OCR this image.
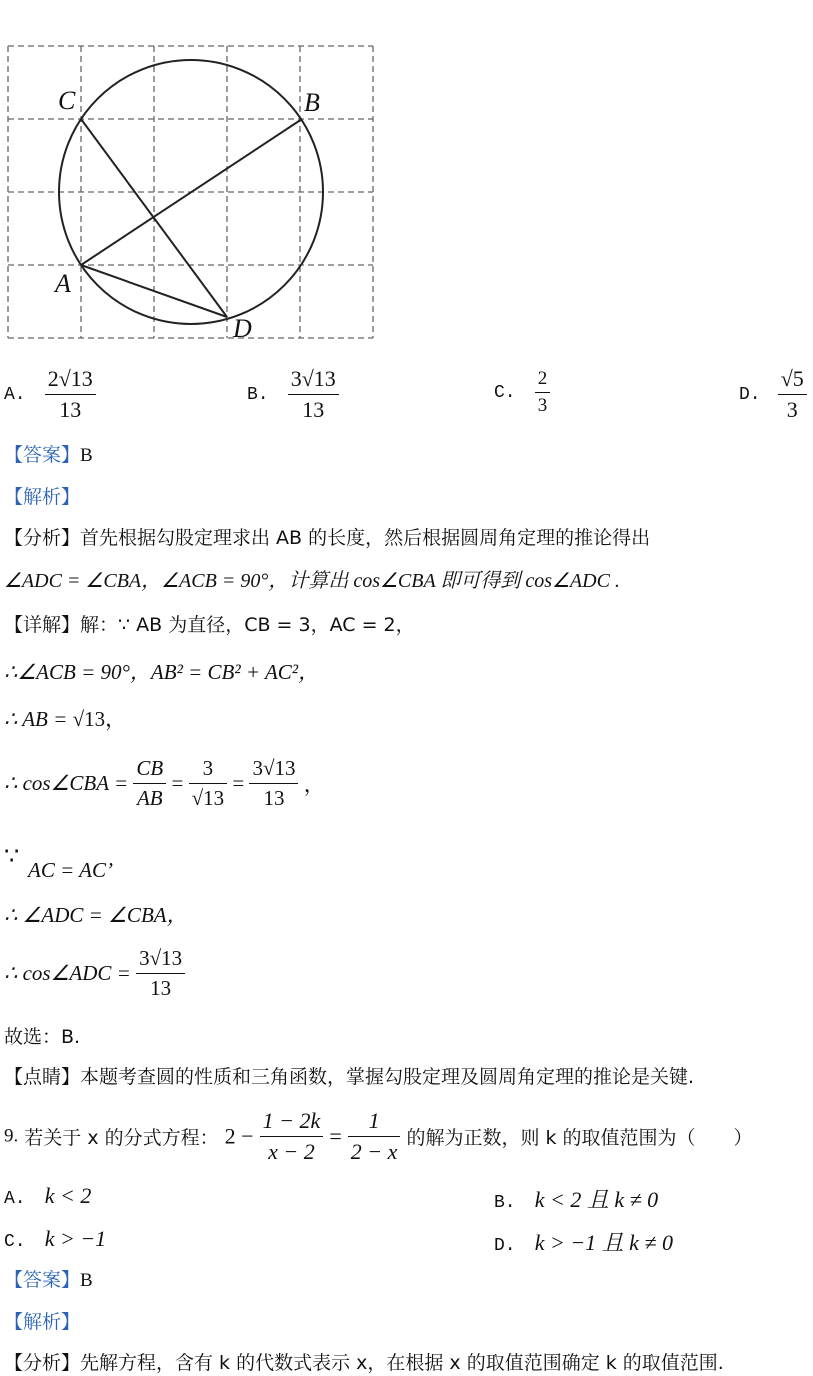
C	B
A
D
A. $\frac{2√13}{13}$	B. $\frac{3√13}{13}$	C. $\frac{2}{3}$	D. $\frac{√5}{3}$
【答案】B
【解析】
【分析】首先根据勾股定理求出 AB 的长度，然后根据圆周角定理的推论得出
∠ADC = ∠CBA，∠ACB = 90°，计算出 cos∠CBA 即可得到 cos∠ADC .
【详解】解：∵ AB 为直径，CB = 3，AC = 2，
∴∠ACB = 90°，AB² = CB² + AC²，
∴ AB = √13，
∴ cos∠CBA = $\frac{CB}{AB} = \frac{3}{√13} = \frac{3√13}{13}$ ，
∵ AC = AC’
∴ ∠ADC = ∠CBA，
∴ cos∠ADC = $\frac{3√13}{13}$
故选：B.
【点睛】本题考查圆的性质和三角函数，掌握勾股定理及圆周角定理的推论是关键.
9. 若关于 x 的分式方程： $2 - \frac{1 - 2k}{x - 2} = \frac{1}{2 - x}$ 的解为正数，则 k 的取值范围为（　　）
A. k < 2	B. k < 2 且 k ≠ 0
C. k > −1	D. k > −1 且 k ≠ 0
【答案】B
【解析】
【分析】先解方程，含有 k 的代数式表示 x，在根据 x 的取值范围确定 k 的取值范围.
